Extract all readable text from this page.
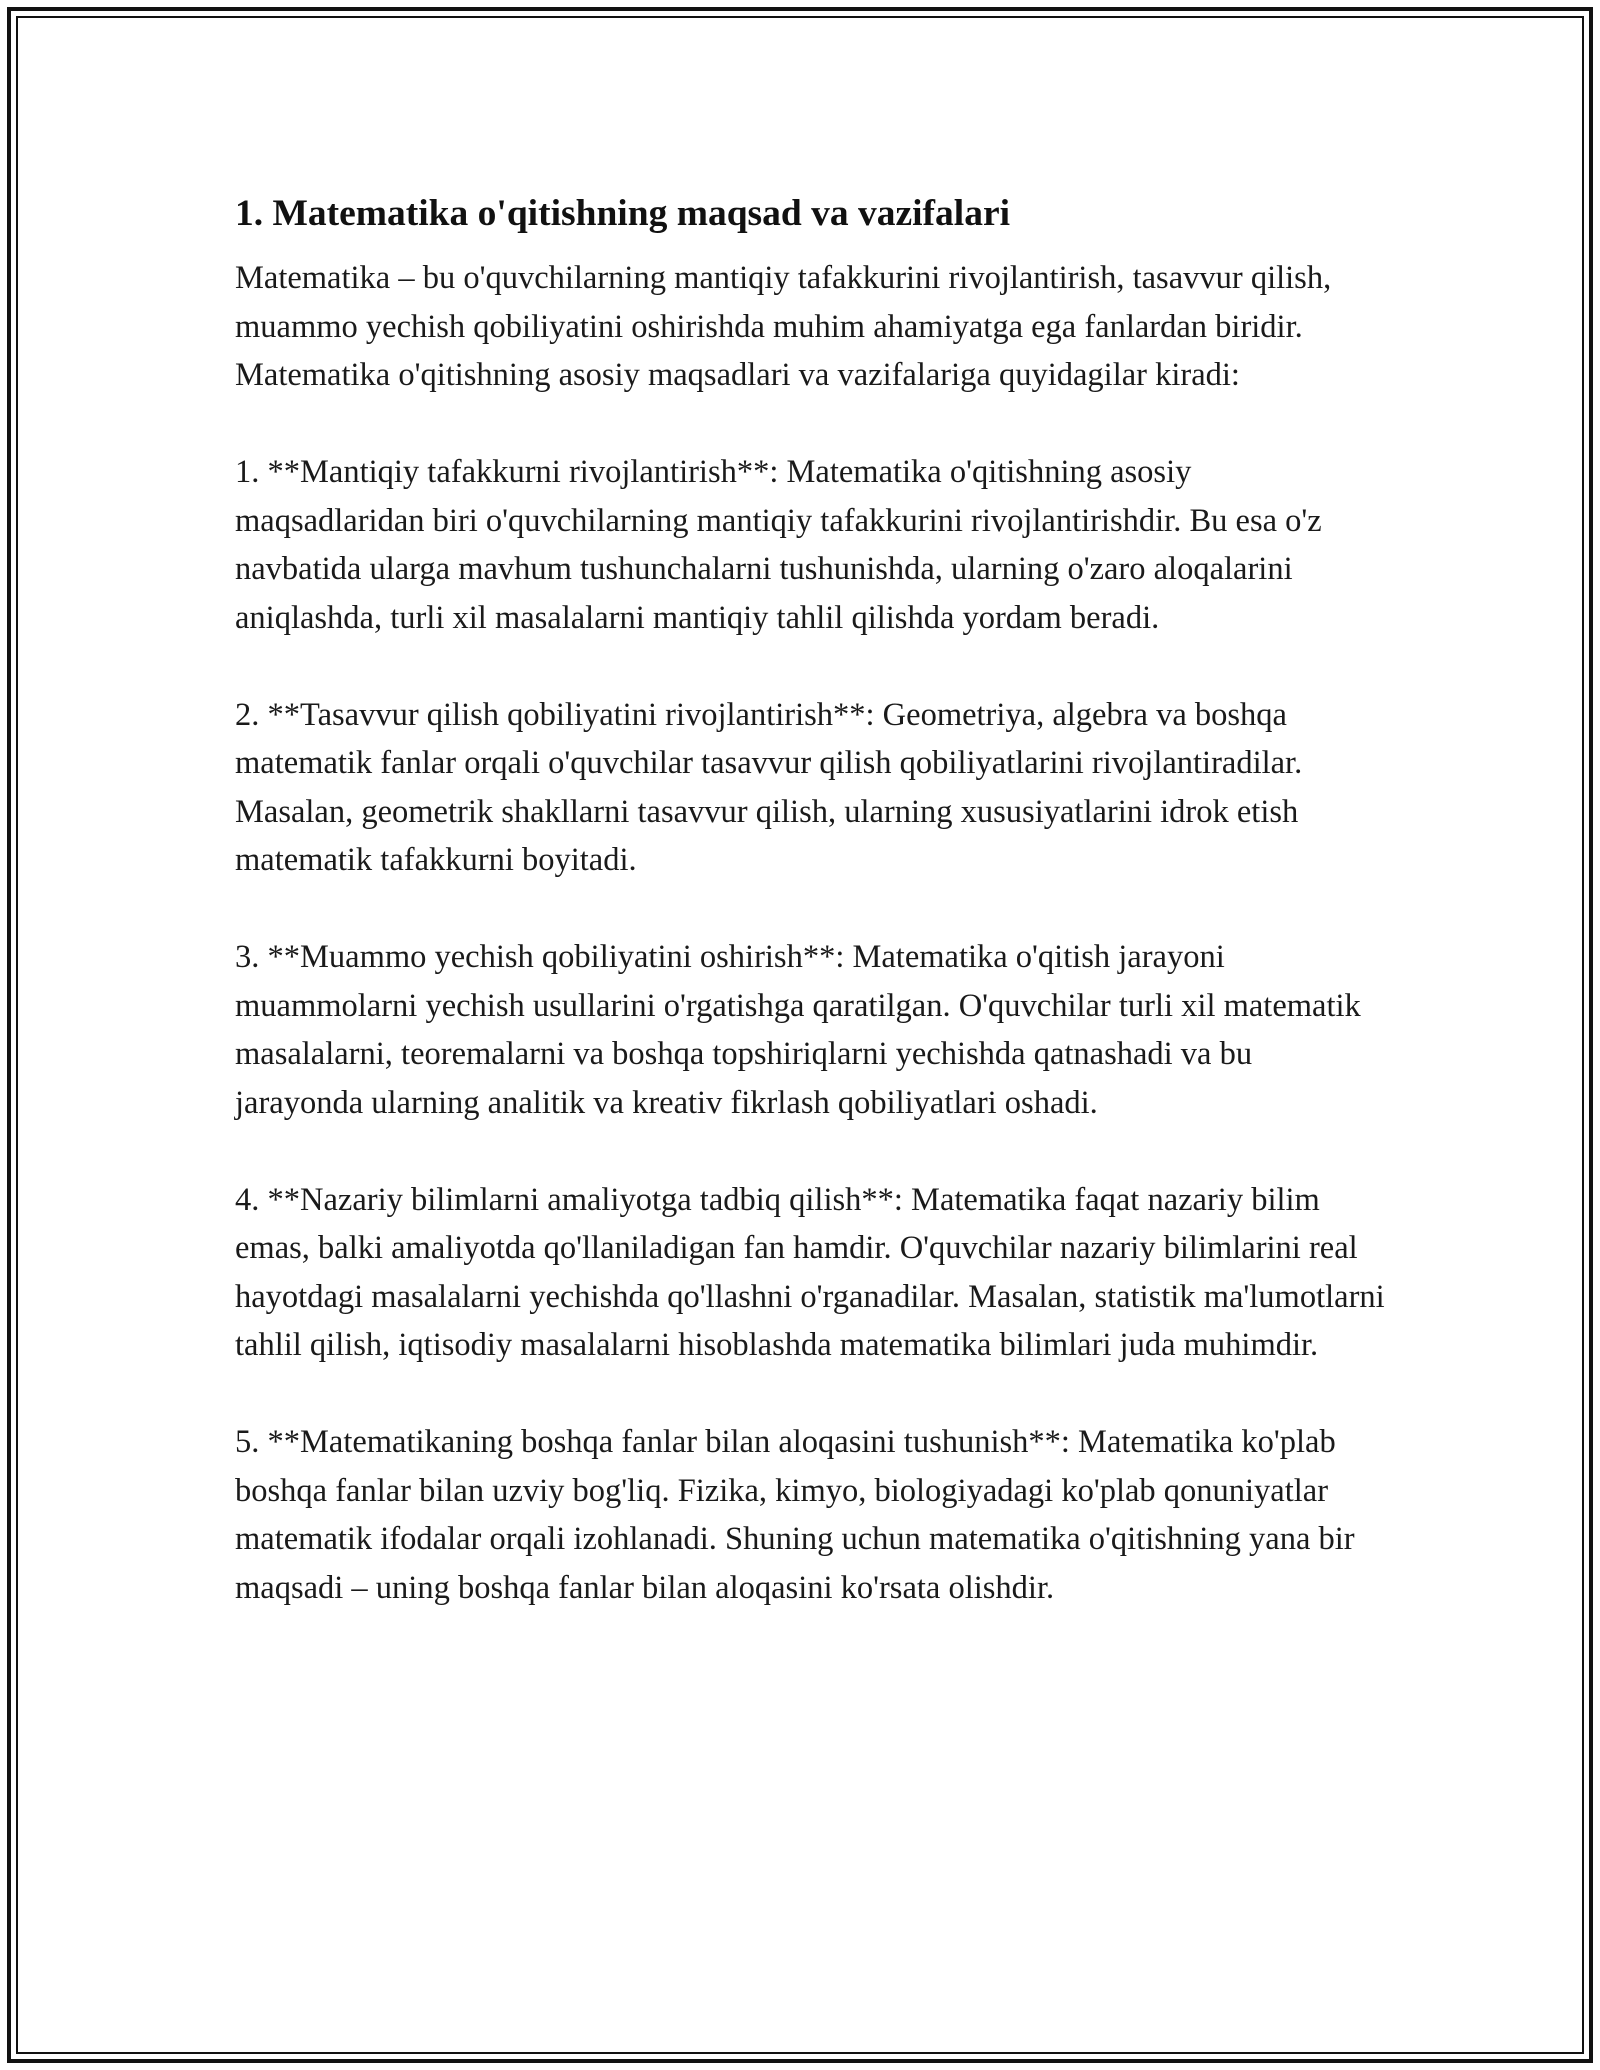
1. Matematika o'qitishning maqsad va vazifalari

Matematika – bu o'quvchilarning mantiqiy tafakkurini rivojlantirish, tasavvur qilish, muammo yechish qobiliyatini oshirishda muhim ahamiyatga ega fanlardan biridir. Matematika o'qitishning asosiy maqsadlari va vazifalariga quyidagilar kiradi:

1. **Mantiqiy tafakkurni rivojlantirish**: Matematika o'qitishning asosiy maqsadlaridan biri o'quvchilarning mantiqiy tafakkurini rivojlantirishdir. Bu esa o'z navbatida ularga mavhum tushunchalarni tushunishda, ularning o'zaro aloqalarini aniqlashda, turli xil masalalarni mantiqiy tahlil qilishda yordam beradi.

2. **Tasavvur qilish qobiliyatini rivojlantirish**: Geometriya, algebra va boshqa matematik fanlar orqali o'quvchilar tasavvur qilish qobiliyatlarini rivojlantiradilar. Masalan, geometrik shakllarni tasavvur qilish, ularning xususiyatlarini idrok etish matematik tafakkurni boyitadi.

3. **Muammo yechish qobiliyatini oshirish**: Matematika o'qitish jarayoni muammolarni yechish usullarini o'rgatishga qaratilgan. O'quvchilar turli xil matematik masalalarni, teoremalarni va boshqa topshiriqlarni yechishda qatnashadi va bu jarayonda ularning analitik va kreativ fikrlash qobiliyatlari oshadi.

4. **Nazariy bilimlarni amaliyotga tadbiq qilish**: Matematika faqat nazariy bilim emas, balki amaliyotda qo'llaniladigan fan hamdir. O'quvchilar nazariy bilimlarini real hayotdagi masalalarni yechishda qo'llashni o'rganadilar. Masalan, statistik ma'lumotlarni tahlil qilish, iqtisodiy masalalarni hisoblashda matematika bilimlari juda muhimdir.

5. **Matematikaning boshqa fanlar bilan aloqasini tushunish**: Matematika ko'plab boshqa fanlar bilan uzviy bog'liq. Fizika, kimyo, biologiyadagi ko'plab qonuniyatlar matematik ifodalar orqali izohlanadi. Shuning uchun matematika o'qitishning yana bir maqsadi – uning boshqa fanlar bilan aloqasini ko'rsata olishdir.
